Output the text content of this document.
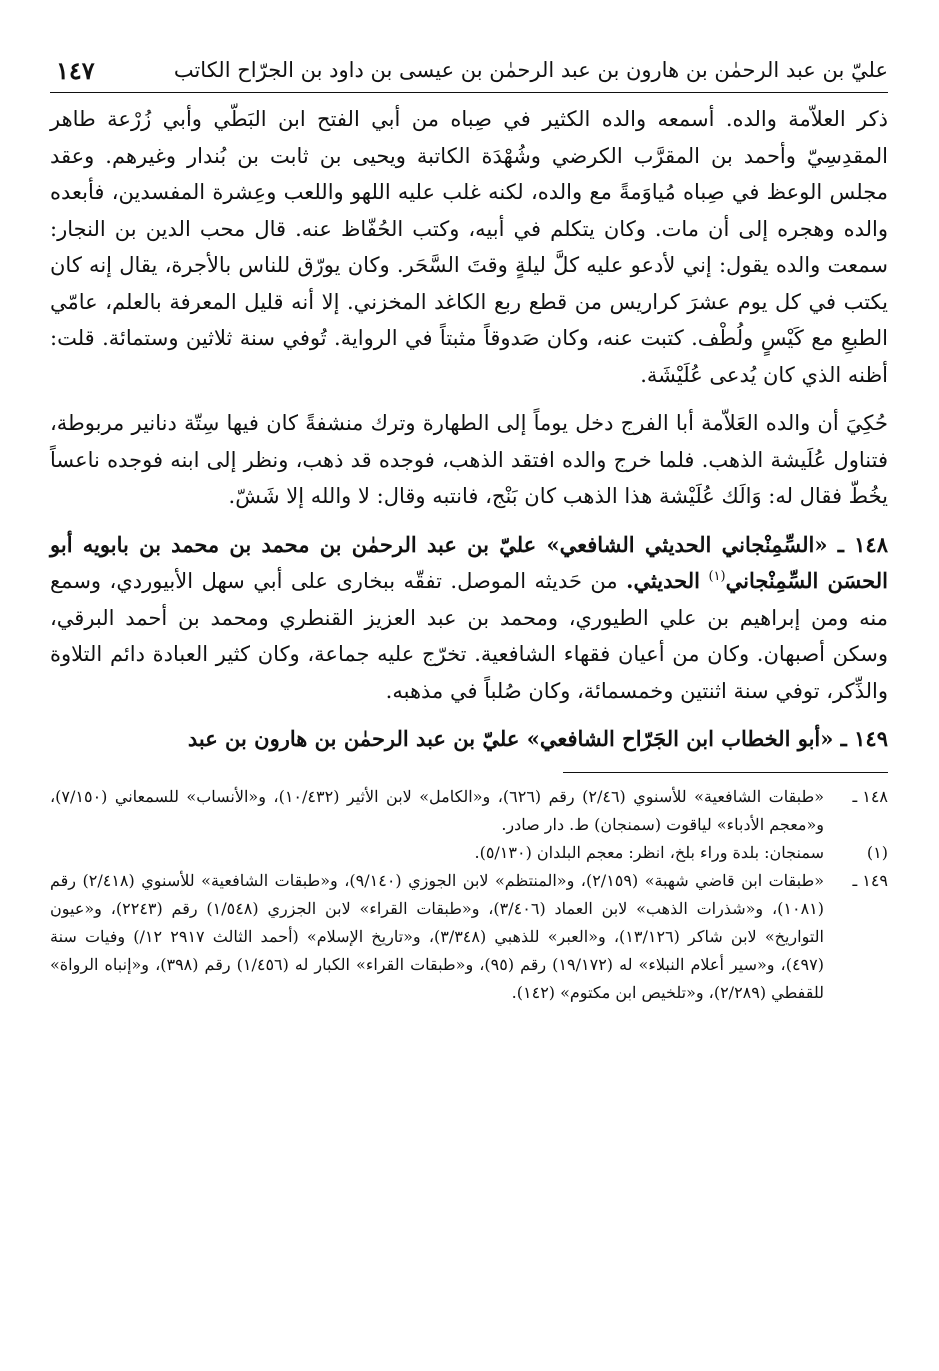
عليّ بن عبد الرحمٰن بن هارون بن عبد الرحمٰن بن عيسى بن داود بن الجرّاح الكاتب
١٤٧

ذكر العلاّمة والده. أسمعه والده الكثير في صِباه من أبي الفتح ابن البَطّي وأبي زُرْعة طاهر المقدِسِيّ وأحمد بن المقرَّب الكرضي وشُهْدَة الكاتبة ويحيى بن ثابت بن بُندار وغيرهم. وعقد مجلس الوعظ في صِباه مُياوَمةً مع والده، لكنه غلب عليه اللهو واللعب وعِشرة المفسدين، فأبعده والده وهجره إلى أن مات. وكان يتكلم في أبيه، وكتب الحُفّاظ عنه. قال محب الدين بن النجار: سمعت والده يقول: إني لأدعو عليه كلَّ ليلةٍ وقتَ السَّحَر. وكان يورّق للناس بالأجرة، يقال إنه كان يكتب في كل يوم عشرَ كراريس من قطع ربع الكاغد المخزني. إلا أنه قليل المعرفة بالعلم، عامّي الطبعِ مع كَيْسٍ ولُطْف. كتبت عنه، وكان صَدوقاً مثبتاً في الرواية. تُوفي سنة ثلاثين وستمائة. قلت: أظنه الذي كان يُدعى عُلَيْشَة.

حُكِيَ أن والده العَلاّمة أبا الفرج دخل يوماً إلى الطهارة وترك منشفةً كان فيها سِتّة دنانير مربوطة، فتناول عُلَيشة الذهب. فلما خرج والده افتقد الذهب، فوجده قد ذهب، ونظر إلى ابنه فوجده ناعساً يخُطّ فقال له: وَالَك عُلَيْشة هذا الذهب كان بَنْج، فانتبه وقال: لا والله إلا شَشّ.

١٤٨ ـ «السِّمِنْجاني الحديثي الشافعي» عليّ بن عبد الرحمٰن بن محمد بن محمد بن بابويه أبو الحسَن السِّمِنْجاني$^{(١)}$ الحديثي. من حَديثه الموصل. تفقّه ببخارى على أبي سهل الأبيوردي، وسمع منه ومن إبراهيم بن علي الطيوري، ومحمد بن عبد العزيز القنطري ومحمد بن أحمد البرقي، وسكن أصبهان. وكان من أعيان فقهاء الشافعية. تخرّج عليه جماعة، وكان كثير العبادة دائم التلاوة والذِّكر، توفي سنة اثنتين وخمسمائة، وكان صُلباً في مذهبه.

١٤٩ ـ «أبو الخطاب ابن الجَرّاح الشافعي» عليّ بن عبد الرحمٰن بن هارون بن عبد

١٤٨ ـ
«طبقات الشافعية» للأسنوي (٢/٤٦) رقم (٦٢٦)، و«الكامل» لابن الأثير (١٠/٤٣٢)، و«الأنساب» للسمعاني (٧/١٥٠)، و«معجم الأدباء» لياقوت (سمنجان) ط. دار صادر.
(١)
سمنجان: بلدة وراء بلخ، انظر: معجم البلدان (٥/١٣٠).
١٤٩ ـ
«طبقات ابن قاضي شهبة» (٢/١٥٩)، و«المنتظم» لابن الجوزي (٩/١٤٠)، و«طبقات الشافعية» للأسنوي (٢/٤١٨) رقم (١٠٨١)، و«شذرات الذهب» لابن العماد (٣/٤٠٦)، و«طبقات القراء» لابن الجزري (١/٥٤٨) رقم (٢٢٤٣)، و«عيون التواريخ» لابن شاكر (١٣/١٢٦)، و«العبر» للذهبي (٣/٣٤٨)، و«تاريخ الإسلام» (أحمد الثالث ٢٩١٧ ١٢/) وفيات سنة (٤٩٧)، و«سير أعلام النبلاء» له (١٩/١٧٢) رقم (٩٥)، و«طبقات القراء» الكبار له (١/٤٥٦) رقم (٣٩٨)، و«إنباه الرواة» للقفطي (٢/٢٨٩)، و«تلخيص ابن مكتوم» (١٤٢).
